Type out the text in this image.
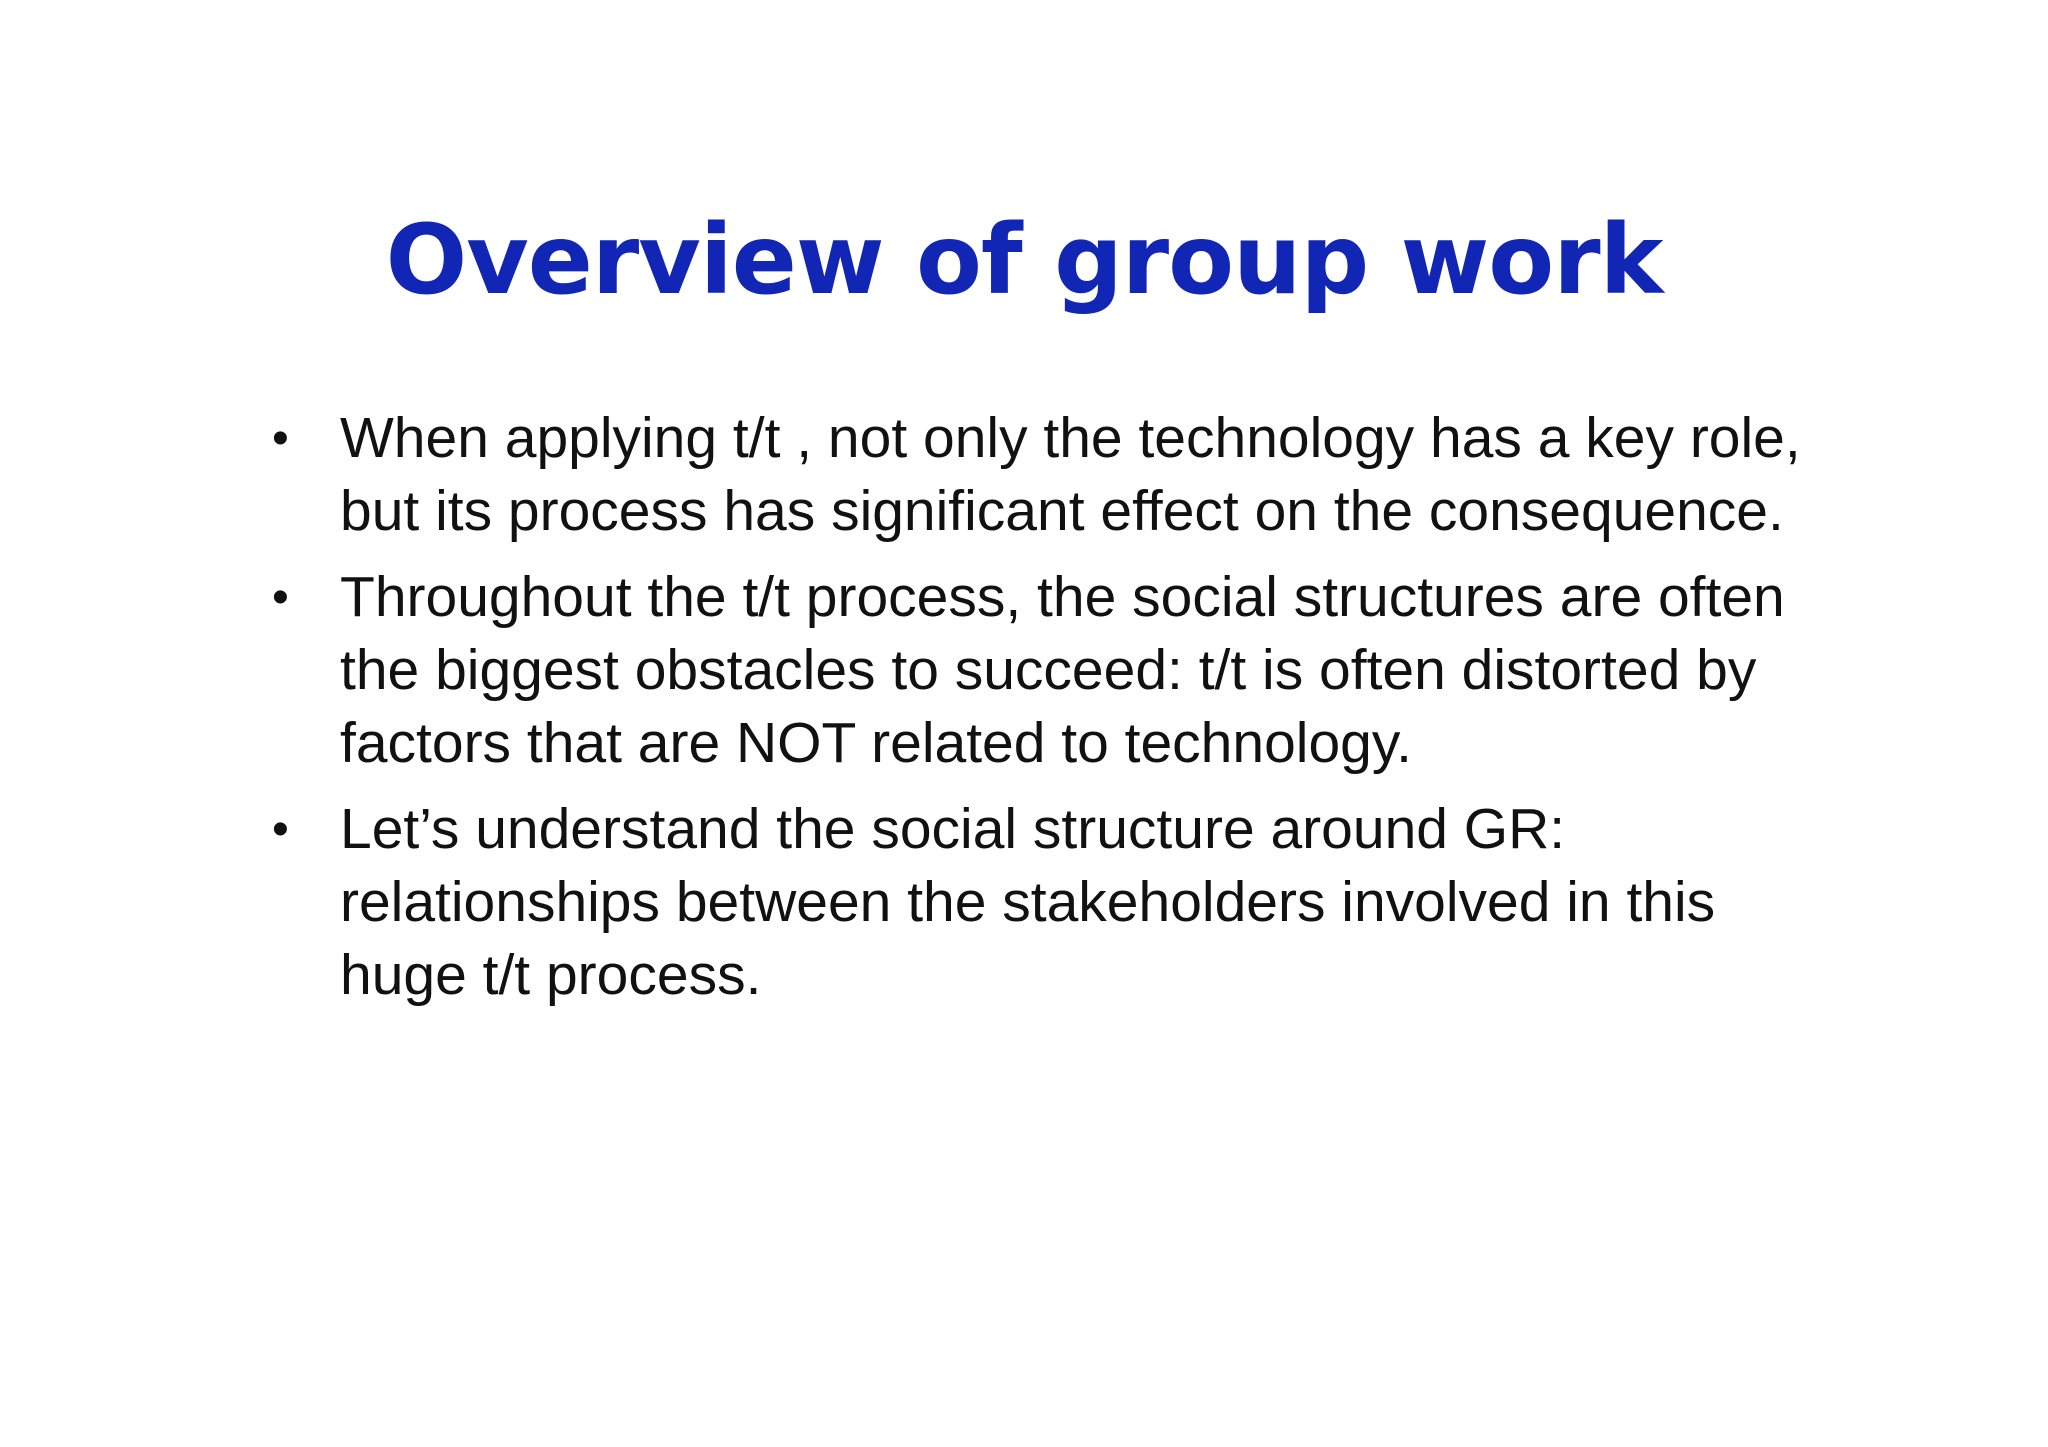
Overview of group work
• When applying t/t , not only the technology has a key role, but its process has significant effect on the consequence.
• Throughout the t/t process, the social structures are often the biggest obstacles to succeed: t/t is often distorted by factors that are NOT related to technology.
• Let’s understand the social structure around GR: relationships between the stakeholders involved in this huge t/t process.
